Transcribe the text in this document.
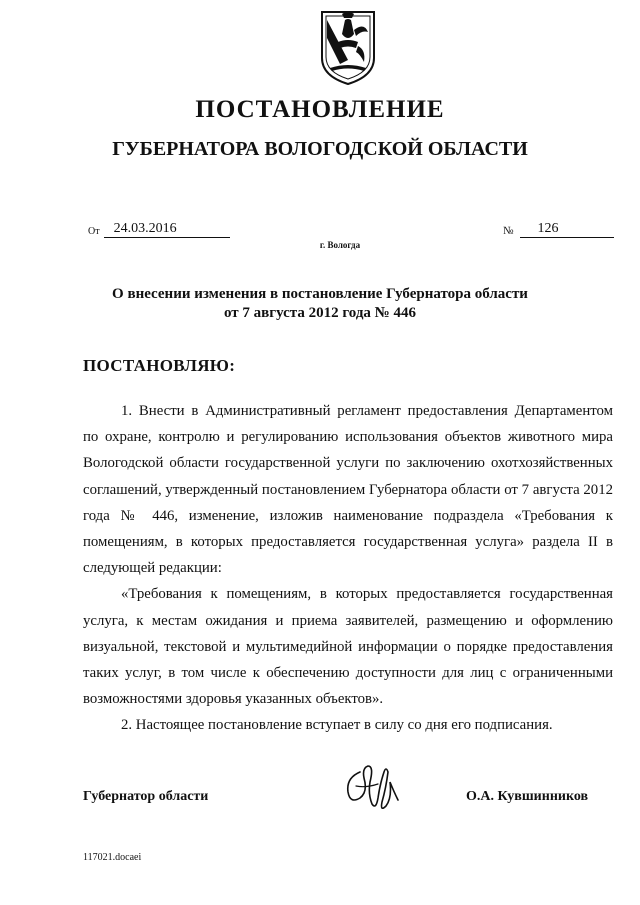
ПОСТАНОВЛЕНИЕ
ГУБЕРНАТОРА ВОЛОГОДСКОЙ ОБЛАСТИ
От	24.03.2016	№	126
г. Вологда
О внесении изменения в постановление Губернатора области
от 7 августа 2012 года № 446
ПОСТАНОВЛЯЮ:

1. Внести в Административный регламент предоставления Департаментом по охране, контролю и регулированию использования объектов животного мира Вологодской области государственной услуги по заключению охотхозяйственных соглашений, утвержденный постановлением Губернатора области от 7 августа 2012 года № 446, изменение, изложив наименование подраздела «Требования к помещениям, в которых предоставляется государственная услуга» раздела II в следующей редакции:

«Требования к помещениям, в которых предоставляется государственная услуга, к местам ожидания и приема заявителей, размещению и оформлению визуальной, текстовой и мультимедийной информации о порядке предоставления таких услуг, в том числе к обеспечению доступности для лиц с ограниченными возможностями здоровья указанных объектов».

2. Настоящее постановление вступает в силу со дня его подписания.

Губернатор области	О.А. Кувшинников
117021.docaei
